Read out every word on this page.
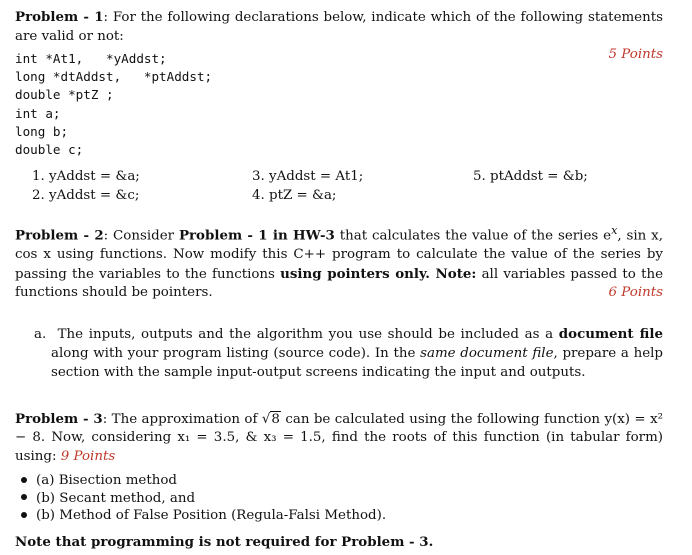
Problem - 1: For the following declarations below, indicate which of the following statements are valid or not:

5 Points
int *At1,   *yAddst;
long *dtAddst,   *ptAddst;
double *ptZ ;
int a;
long b;
double c;
1. yAddst = &a;
2. yAddst = &c;
3. yAddst = At1;
4. ptZ = &a;
5. ptAddst = &b;
Problem - 2: Consider Problem - 1 in HW-3 that calculates the value of the series $e^x$, sin x, cos x using functions. Now modify this C++ program to calculate the value of the series by passing the variables to the functions using pointers only. Note: all variables passed to the functions should be pointers.	6 Points
a. The inputs, outputs and the algorithm you use should be included as a document file along with your program listing (source code). In the same document file, prepare a help section with the sample input-output screens indicating the input and outputs.
Problem - 3: The approximation of √8 can be calculated using the following function y(x) = x² − 8. Now, considering x₁ = 3.5, & x₃ = 1.5, find the roots of this function (in tabular form) using: 9 Points
(a) Bisection method
(b) Secant method, and
(b) Method of False Position (Regula-Falsi Method).
Note that programming is not required for Problem - 3.
